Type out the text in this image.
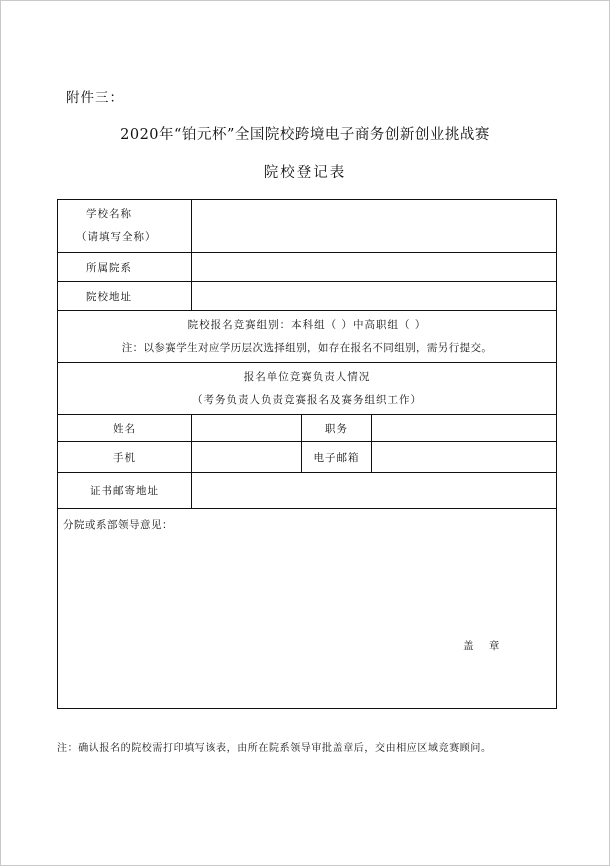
附件三：
2020年“铂元杯”全国院校跨境电子商务创新创业挑战赛
院校登记表
学校名称
（请填写全称）			

所属院系			
院校地址			

院校报名竞赛组别：本科组（ ）中高职组（ ）
注：以参赛学生对应学历层次选择组别，如存在报名不同组别，需另行提交。			

报名单位竞赛负责人情况
（考务负责人负责竞赛报名及赛务组织工作）			

姓名		职务	
手机		电子邮箱	
证书邮寄地址			

分院或系部领导意见：
盖 章			
注：确认报名的院校需打印填写该表，由所在院系领导审批盖章后，交由相应区域竞赛顾问。
